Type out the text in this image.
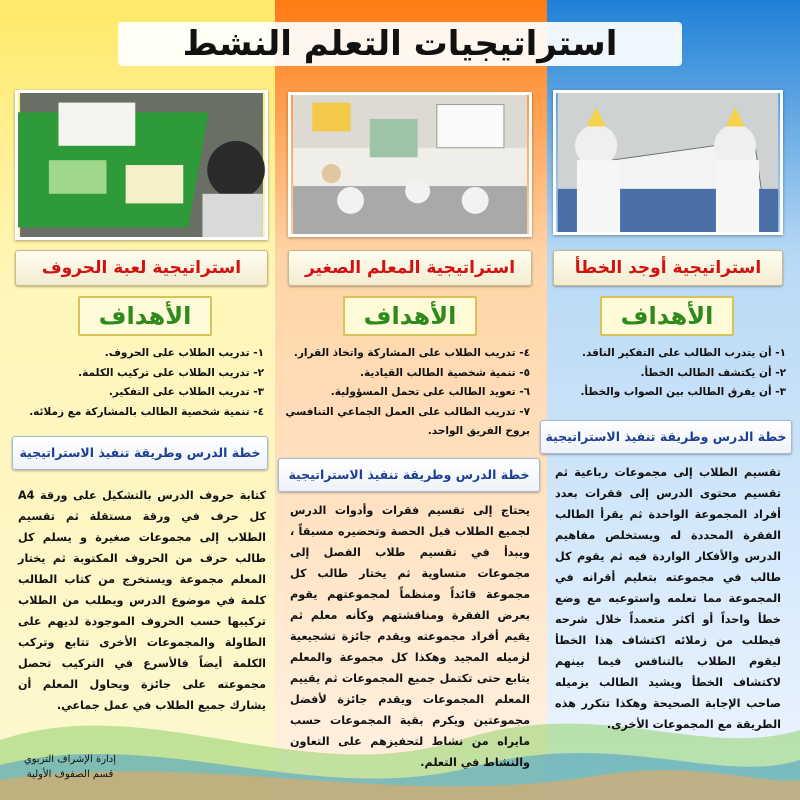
استراتيجيات التعلم النشط
استراتيجية أوجد الخطأ
الأهداف
١- أن يتدرب الطالب على التفكير الناقد.
٢- أن يكتشف الطالب الخطأ.
٣- أن يفرق الطالب بين الصواب والخطأ.
خطة الدرس وطريقة تنفيذ الاستراتيجية

تقسيم الطلاب إلى مجموعات رباعية ثم تقسيم محتوى الدرس إلى فقرات بعدد أفراد المجموعة الواحدة ثم يقرأ الطالب الفقرة المحددة له ويستخلص مفاهيم الدرس والأفكار الواردة فيه ثم يقوم كل طالب في مجموعته بتعليم أقرانه في المجموعة مما تعلمه واستوعبه مع وضع خطأ واحداً أو أكثر متعمداً خلال شرحه فيطلب من زملائه اكتشاف هذا الخطأ ليقوم الطلاب بالتنافس فيما بينهم لاكتشاف الخطأ ويشيد الطالب بزميله صاحب الإجابة الصحيحة وهكذا تتكرر هذه الطريقة مع المجموعات الأخرى.

استراتيجية المعلم الصغير
الأهداف
٤- تدريب الطلاب على المشاركة واتخاذ القرار.
٥- تنمية شخصية الطالب القيادية.
٦- تعويد الطالب على تحمل المسؤولية.
٧- تدريب الطالب على العمل الجماعي التنافسي
بروح الفريق الواحد.
خطة الدرس وطريقة تنفيذ الاستراتيجية

يحتاج إلى تقسيم فقرات وأدوات الدرس لجميع الطلاب قبل الحصة وتحضيره مسبقاً ، ويبدأ في تقسيم طلاب الفصل إلى مجموعات متساوية ثم يختار طالب كل مجموعة قائداً ومنظماً لمجموعتهم يقوم بعرض الفقرة ومناقشتهم وكأنه معلم ثم يقيم أفراد مجموعته ويقدم جائزة تشجيعية لزميله المجيد وهكذا كل مجموعة والمعلم يتابع حتى تكتمل جميع المجموعات ثم يقييم المعلم المجموعات ويقدم جائزة لأفضل مجموعتين ويكرم بقية المجموعات حسب مايراه من نشاط لتحفيزهم على التعاون والنشاط في التعلم.

استراتيجية لعبة الحروف
الأهداف
١- تدريب الطلاب على الحروف.
٢- تدريب الطلاب على تركيب الكلمة.
٣- تدريب الطلاب على التفكير.
٤- تنمية شخصية الطالب بالمشاركة مع زملائه.
خطة الدرس وطريقة تنفيذ الاستراتيجية

كتابة حروف الدرس بالتشكيل على ورقة A4 كل حرف في ورقة مستقلة ثم تقسيم الطلاب إلى مجموعات صغيرة و يسلم كل طالب حرف من الحروف المكتوبة ثم يختار المعلم مجموعة ويستخرج من كتاب الطالب كلمة في موضوع الدرس ويطلب من الطلاب تركيبها حسب الحروف الموجودة لديهم على الطاولة والمجموعات الأخرى تتابع وتركب الكلمة أيضاً فالأسرع في التركيب تحصل مجموعته على جائزة ويحاول المعلم أن يشارك جميع الطلاب في عمل جماعي.

إدارة الإشراف التربوي
قسم الصفوف الأولية
